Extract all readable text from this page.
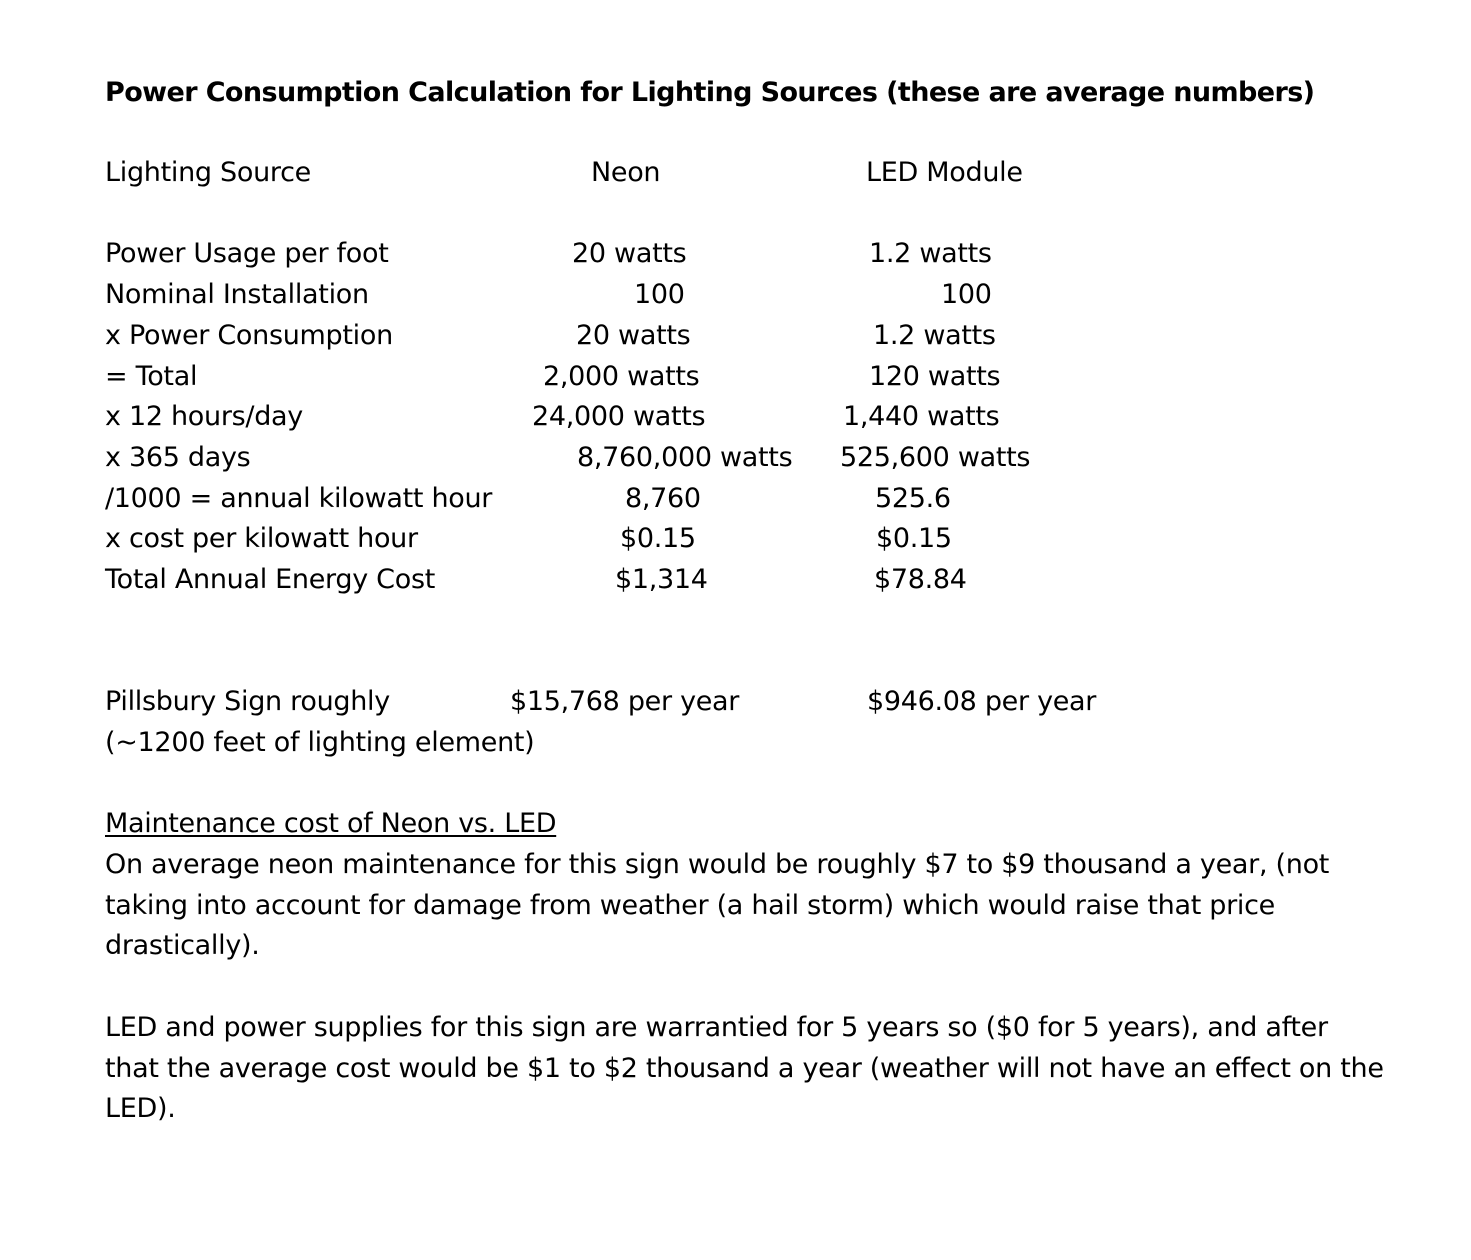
Power Consumption Calculation for Lighting Sources (these are average numbers)
Lighting Source	Neon	LED Module
Power Usage per foot	20 watts	1.2 watts
Nominal Installation	100	100
x Power Consumption	20 watts	1.2 watts
= Total	2,000 watts	120 watts
x 12 hours/day	24,000 watts	1,440 watts
x 365 days	8,760,000 watts 525,600 watts
/1000 = annual kilowatt hour	8,760	525.6
x cost per kilowatt hour	$0.15	$0.15
Total Annual Energy Cost	$1,314	$78.84
Pillsbury Sign roughly	$15,768 per year	$946.08 per year
(~1200 feet of lighting element)
Maintenance cost of Neon vs. LED
On average neon maintenance for this sign would be roughly $7 to $9 thousand a year, (not
taking into account for damage from weather (a hail storm) which would raise that price
drastically).
LED and power supplies for this sign are warrantied for 5 years so ($0 for 5 years), and after
that the average cost would be $1 to $2 thousand a year (weather will not have an effect on the
LED).
